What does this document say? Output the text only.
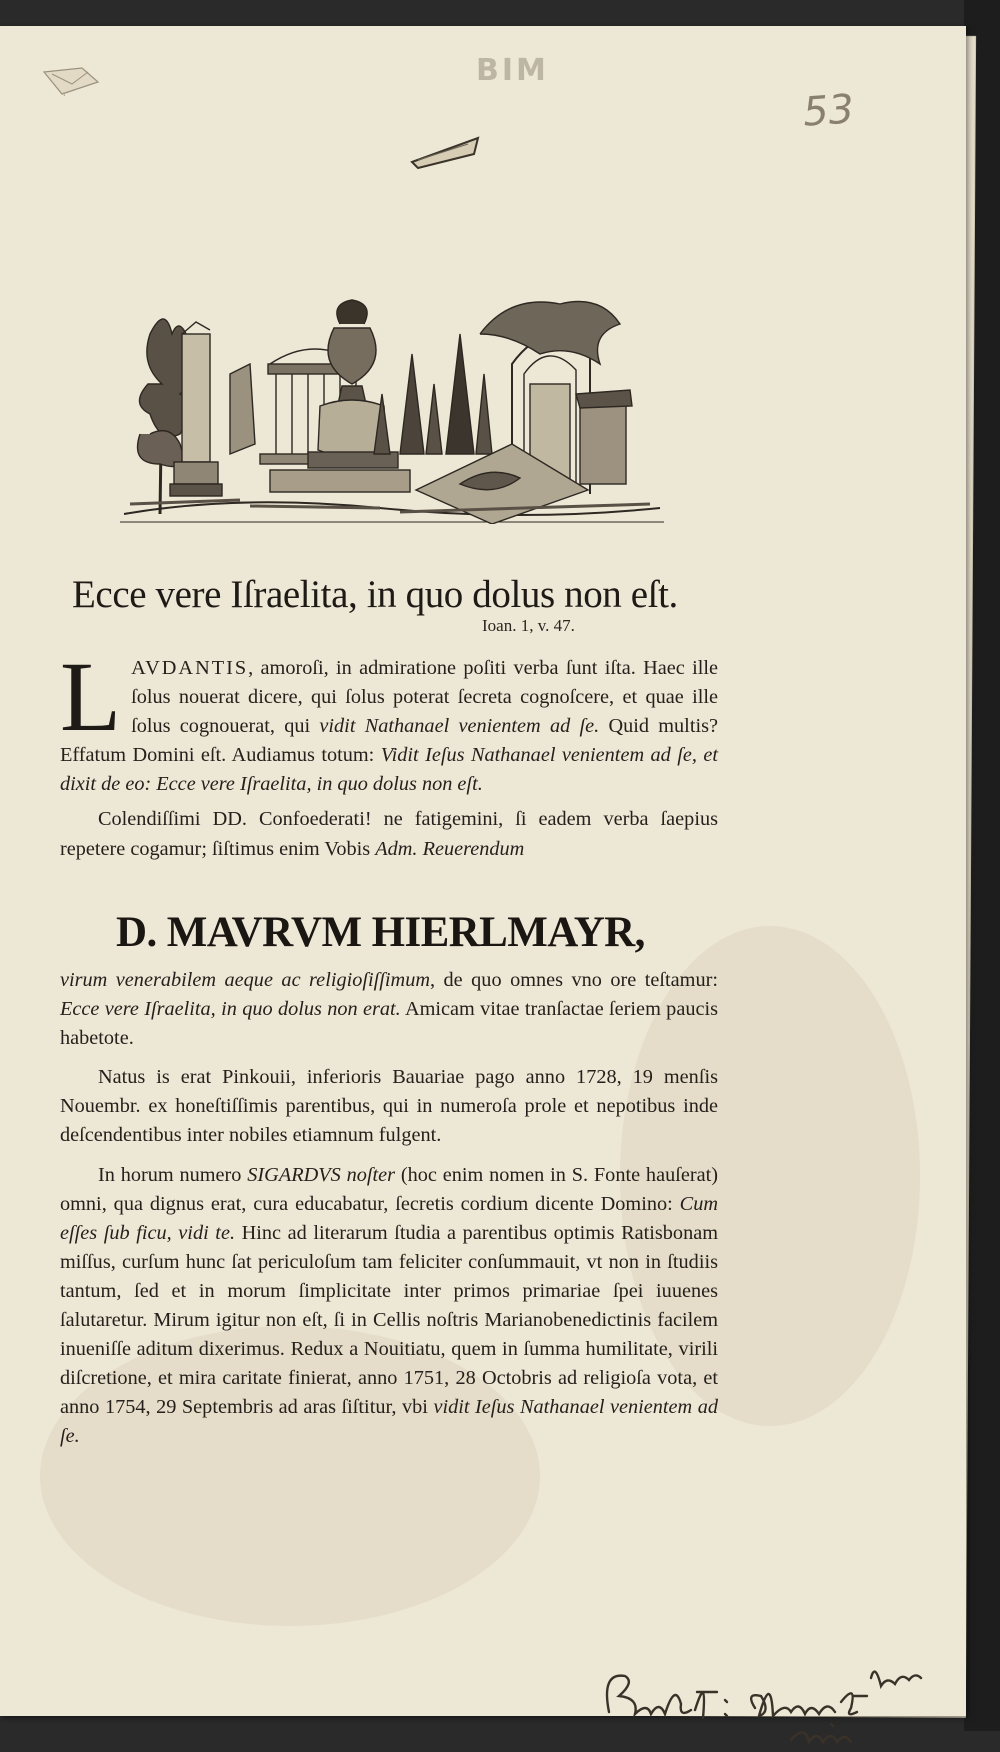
BIM
53
Ecce vere Iſraelita, in quo dolus non eſt.
Ioan. 1, v. 47.

LAVDANTIS, amoroſi, in admiratione poſiti verba ſunt iſta. Haec ille ſolus nouerat dicere, qui ſolus poterat ſecreta cognoſcere, et quae ille ſolus cognouerat, qui vidit Nathanael venientem ad ſe. Quid multis? Effatum Domini eſt. Audiamus totum: Vidit Ieſus Nathanael venientem ad ſe, et dixit de eo: Ecce vere Iſraelita, in quo dolus non eſt.

Colendiſſimi DD. Confoederati! ne fatigemini, ſi eadem verba ſaepius repetere cogamur; ſiſtimus enim Vobis Adm. Reuerendum

D. MAVRVM HIERLMAYR,

virum venerabilem aeque ac religioſiſſimum, de quo omnes vno ore teſtamur: Ecce vere Iſraelita, in quo dolus non erat. Amicam vitae tranſactae ſeriem paucis habetote.

Natus is erat Pinkouii, inferioris Bauariae pago anno 1728, 19 menſis Nouembr. ex honeſtiſſimis parentibus, qui in numeroſa prole et nepotibus inde deſcendentibus inter nobiles etiamnum fulgent.

In horum numero SIGARDVS noſter (hoc enim nomen in S. Fonte hauſerat) omni, qua dignus erat, cura educabatur, ſecretis cordium dicente Domino: Cum eſſes ſub ficu, vidi te. Hinc ad literarum ſtudia a parentibus optimis Ratisbonam miſſus, curſum hunc ſat periculoſum tam feliciter conſummauit, vt non in ſtudiis tantum, ſed et in morum ſimplicitate inter primos primariae ſpei iuuenes ſalutaretur. Mirum igitur non eſt, ſi in Cellis noſtris Marianobenedictinis facilem inueniſſe aditum dixerimus. Redux a Nouitiatu, quem in ſumma humilitate, virili diſcretione, et mira caritate finierat, anno 1751, 28 Octobris ad religioſa vota, et anno 1754, 29 Septembris ad aras ſiſtitur, vbi vidit Ieſus Nathanael venientem ad ſe.
